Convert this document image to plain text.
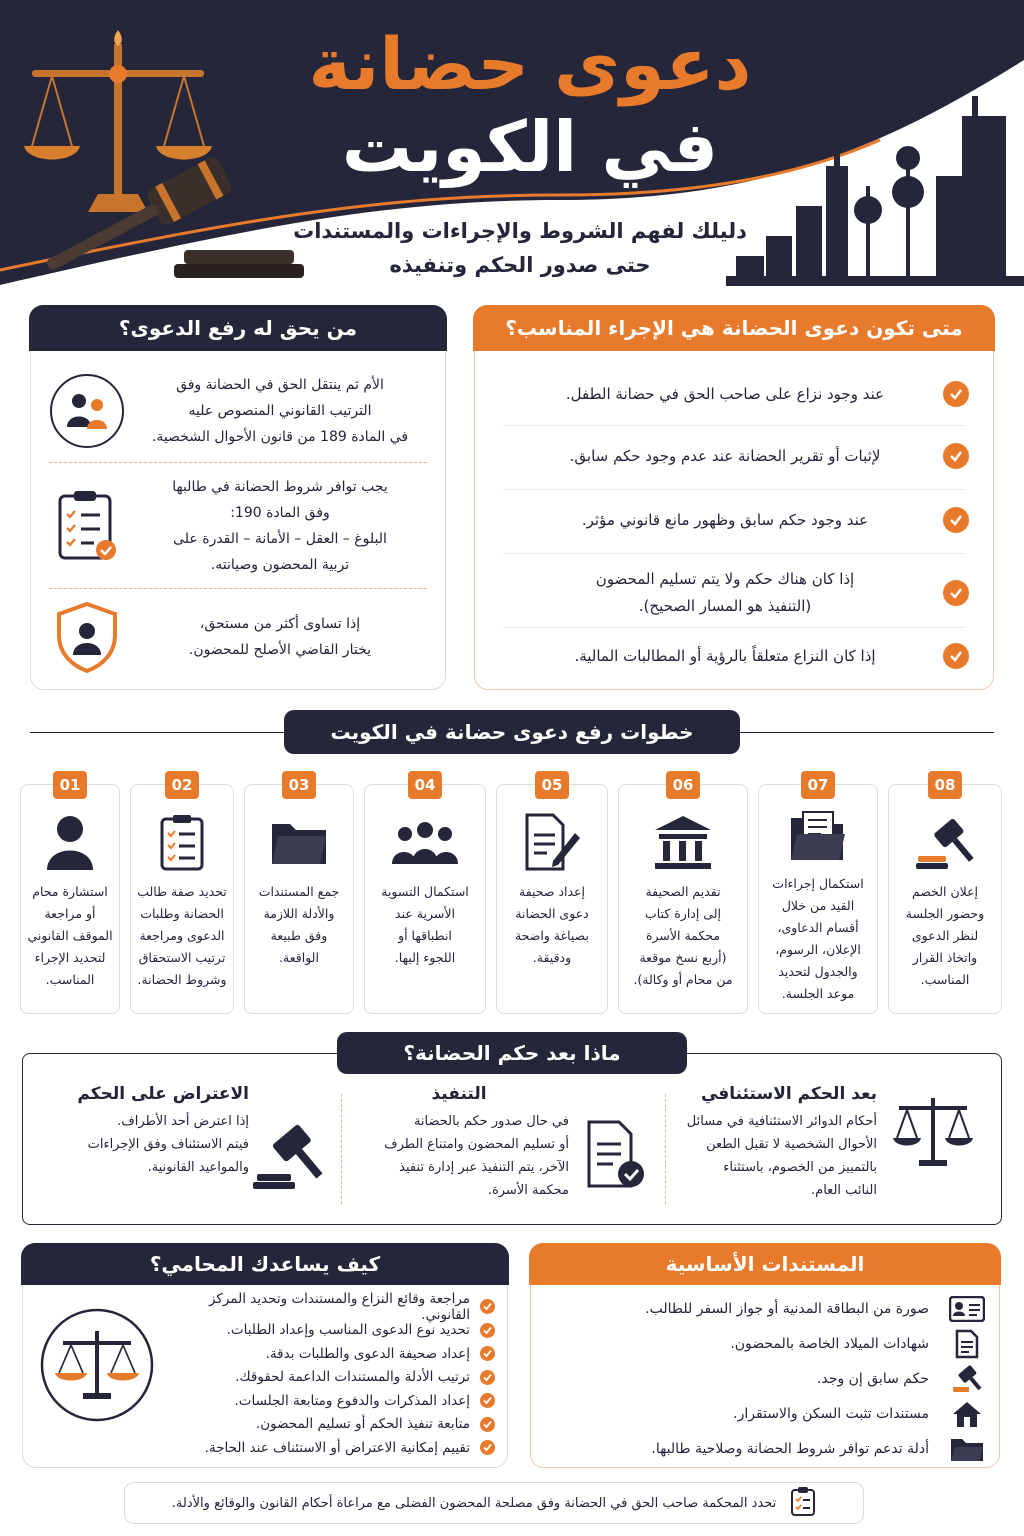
دعوى حضانة
في الكويت
دليلك لفهم الشروط والإجراءات والمستندات
حتى صدور الحكم وتنفيذه
متى تكون دعوى الحضانة هي الإجراء المناسب؟
عند وجود نزاع على صاحب الحق في حضانة الطفل.
لإثبات أو تقرير الحضانة عند عدم وجود حكم سابق.
عند وجود حكم سابق وظهور مانع قانوني مؤثر.
إذا كان هناك حكم ولا يتم تسليم المحضون
(التنفيذ هو المسار الصحيح).
إذا كان النزاع متعلقاً بالرؤية أو المطالبات المالية.
من يحق له رفع الدعوى؟
الأم ثم ينتقل الحق في الحضانة وفق
الترتيب القانوني المنصوص عليه
في المادة 189 من قانون الأحوال الشخصية.
يجب توافر شروط الحضانة في طالبها
وفق المادة 190:
البلوغ – العقل – الأمانة – القدرة على
تربية المحضون وصيانته.
إذا تساوى أكثر من مستحق،
يختار القاضي الأصلح للمحضون.
خطوات رفع دعوى حضانة في الكويت
01
استشارة محام
أو مراجعة
الموقف القانوني
لتحديد الإجراء
المناسب.
02
تحديد صفة طالب
الحضانة وطلبات
الدعوى ومراجعة
ترتيب الاستحقاق
وشروط الحضانة.
03
جمع المستندات
والأدلة اللازمة
وفق طبيعة
الواقعة.
04
استكمال التسوية
الأسرية عند
انطباقها أو
اللجوء إليها.
05
إعداد صحيفة
دعوى الحضانة
بصياغة واضحة
ودقيقة.
06
تقديم الصحيفة
إلى إدارة كتاب
محكمة الأسرة
(أربع نسخ موقعة
من محام أو وكالة).
07
استكمال إجراءات
القيد من خلال
أقسام الدعاوى،
الإعلان، الرسوم،
والجدول لتحديد
موعد الجلسة.
08
إعلان الخصم
وحضور الجلسة
لنظر الدعوى
واتخاذ القرار
المناسب.
بعد الحكم الاستئنافي
أحكام الدوائر الاستئنافية في مسائل
الأحوال الشخصية لا تقبل الطعن
بالتمييز من الخصوم، باستثناء
النائب العام.
التنفيذ
في حال صدور حكم بالحضانة
أو تسليم المحضون وامتناع الطرف
الآخر، يتم التنفيذ عبر إدارة تنفيذ
محكمة الأسرة.
الاعتراض على الحكم
إذا اعترض أحد الأطراف.
فيتم الاستئناف وفق الإجراءات
والمواعيد القانونية.
ماذا بعد حكم الحضانة؟
المستندات الأساسية
صورة من البطاقة المدنية أو جواز السفر للطالب.
شهادات الميلاد الخاصة بالمحضون.
حكم سابق إن وجد.
مستندات تثبت السكن والاستقرار.
أدلة تدعم توافر شروط الحضانة وصلاحية طالبها.
كيف يساعدك المحامي؟
مراجعة وقائع النزاع والمستندات وتحديد المركز القانوني.
تحديد نوع الدعوى المناسب وإعداد الطلبات.
إعداد صحيفة الدعوى والطلبات بدقة.
ترتيب الأدلة والمستندات الداعمة لحقوقك.
إعداد المذكرات والدفوع ومتابعة الجلسات.
متابعة تنفيذ الحكم أو تسليم المحضون.
تقييم إمكانية الاعتراض أو الاستئناف عند الحاجة.
تحدد المحكمة صاحب الحق في الحضانة وفق مصلحة المحضون الفضلى مع مراعاة أحكام القانون والوقائع والأدلة.
